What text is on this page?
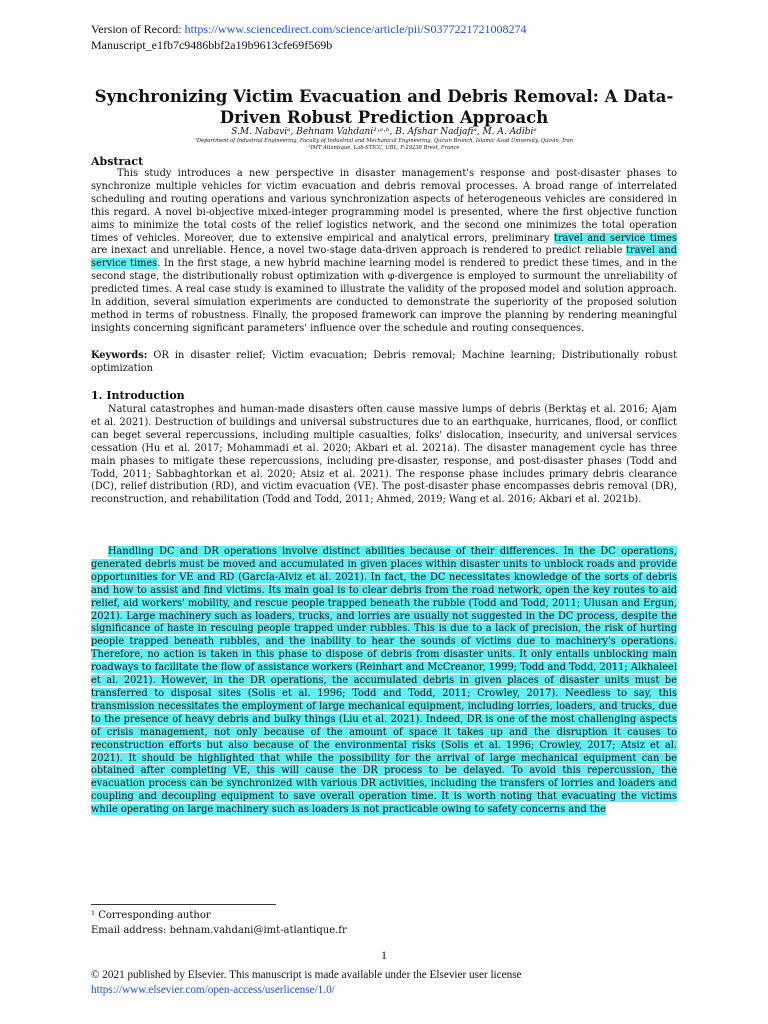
Version of Record: https://www.sciencedirect.com/science/article/pii/S0377221721008274
Manuscript_e1fb7c9486bbf2a19b9613cfe69f569b
Synchronizing Victim Evacuation and Debris Removal: A Data-Driven Robust Prediction Approach
S.M. Nabaviᵃ, Behnam Vahdani¹·ᵃ·ᵇ, B. Afshar Nadjafiᵃ, M. A. Adibiᵃ
ᵃDepartment of Industrial Engineering, Faculty of Industrial and Mechanical Engineering, Qazvin Branch, Islamic Azad University, Qazvin, Iran
ᵇIMT Atlantique, Lab-STICC, UBL, F-29238 Brest, France
Abstract
This study introduces a new perspective in disaster management's response and post-disaster phases to synchronize multiple vehicles for victim evacuation and debris removal processes. A broad range of interrelated scheduling and routing operations and various synchronization aspects of heterogeneous vehicles are considered in this regard. A novel bi-objective mixed-integer programming model is presented, where the first objective function aims to minimize the total costs of the relief logistics network, and the second one minimizes the total operation times of vehicles. Moreover, due to extensive empirical and analytical errors, preliminary travel and service times are inexact and unreliable. Hence, a novel two-stage data-driven approach is rendered to predict reliable travel and service times. In the first stage, a new hybrid machine learning model is rendered to predict these times, and in the second stage, the distributionally robust optimization with φ-divergence is employed to surmount the unreliability of predicted times. A real case study is examined to illustrate the validity of the proposed model and solution approach. In addition, several simulation experiments are conducted to demonstrate the superiority of the proposed solution method in terms of robustness. Finally, the proposed framework can improve the planning by rendering meaningful insights concerning significant parameters' influence over the schedule and routing consequences.
Keywords: OR in disaster relief; Victim evacuation; Debris removal; Machine learning; Distributionally robust optimization
1. Introduction
Natural catastrophes and human-made disasters often cause massive lumps of debris (Berktaş et al. 2016; Ajam et al. 2021). Destruction of buildings and universal substructures due to an earthquake, hurricanes, flood, or conflict can beget several repercussions, including multiple casualties, folks' dislocation, insecurity, and universal services cessation (Hu et al. 2017; Mohammadi et al. 2020; Akbari et al. 2021a). The disaster management cycle has three main phases to mitigate these repercussions, including pre-disaster, response, and post-disaster phases (Todd and Todd, 2011; Sabbaghtorkan et al. 2020; Atsiz et al. 2021). The response phase includes primary debris clearance (DC), relief distribution (RD), and victim evacuation (VE). The post-disaster phase encompasses debris removal (DR), reconstruction, and rehabilitation (Todd and Todd, 2011; Ahmed, 2019; Wang et al. 2016; Akbari et al. 2021b).
Handling DC and DR operations involve distinct abilities because of their differences. In the DC operations, generated debris must be moved and accumulated in given places within disaster units to unblock roads and provide opportunities for VE and RD (García-Alviz et al. 2021). In fact, the DC necessitates knowledge of the sorts of debris and how to assist and find victims. Its main goal is to clear debris from the road network, open the key routes to aid relief, aid workers' mobility, and rescue people trapped beneath the rubble (Todd and Todd, 2011; Ulusan and Ergun, 2021). Large machinery such as loaders, trucks, and lorries are usually not suggested in the DC process, despite the significance of haste in rescuing people trapped under rubbles. This is due to a lack of precision, the risk of hurting people trapped beneath rubbles, and the inability to hear the sounds of victims due to machinery's operations. Therefore, no action is taken in this phase to dispose of debris from disaster units. It only entails unblocking main roadways to facilitate the flow of assistance workers (Reinhart and McCreanor, 1999; Todd and Todd, 2011; Alkhaleel et al. 2021). However, in the DR operations, the accumulated debris in given places of disaster units must be transferred to disposal sites (Solis et al. 1996; Todd and Todd, 2011; Crowley, 2017). Needless to say, this transmission necessitates the employment of large mechanical equipment, including lorries, loaders, and trucks, due to the presence of heavy debris and bulky things (Liu et al. 2021). Indeed, DR is one of the most challenging aspects of crisis management, not only because of the amount of space it takes up and the disruption it causes to reconstruction efforts but also because of the environmental risks (Solis et al. 1996; Crowley, 2017; Atsiz et al. 2021). It should be highlighted that while the possibility for the arrival of large mechanical equipment can be obtained after completing VE, this will cause the DR process to be delayed. To avoid this repercussion, the evacuation process can be synchronized with various DR activities, including the transfers of lorries and loaders and coupling and decoupling equipment to save overall operation time. It is worth noting that evacuating the victims while operating on large machinery such as loaders is not practicable owing to safety concerns and the
¹ Corresponding author
Email address: behnam.vahdani@imt-atlantique.fr
1
© 2021 published by Elsevier. This manuscript is made available under the Elsevier user license
https://www.elsevier.com/open-access/userlicense/1.0/
